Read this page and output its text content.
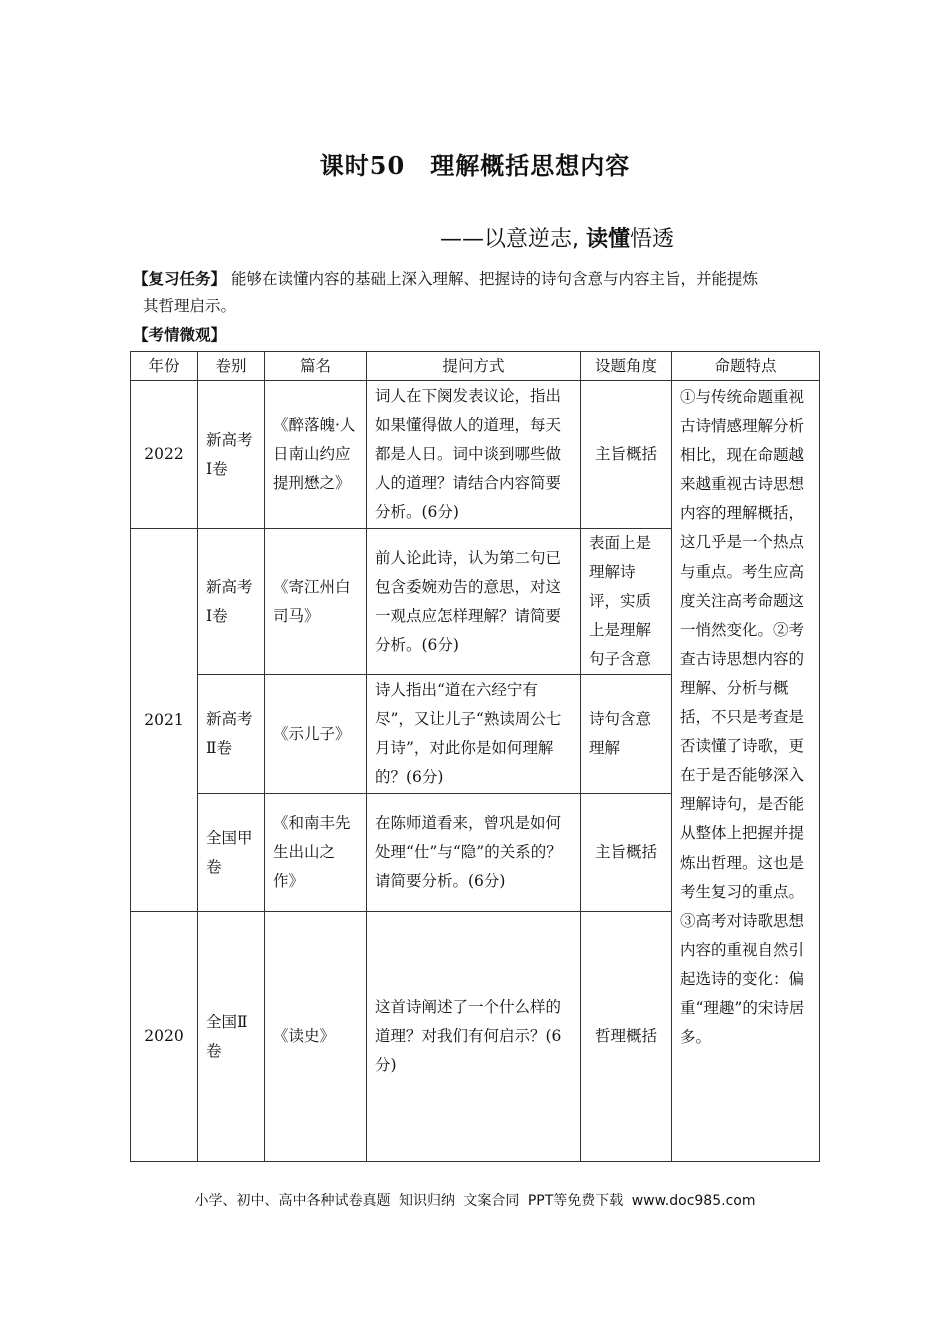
课时50　理解概括思想内容
——以意逆志, 读懂悟透
【复习任务】 能够在读懂内容的基础上深入理解、把握诗的诗句含意与内容主旨，并能提炼
其哲理启示。
【考情微观】
年份	卷别	篇名	提问方式	设题角度	命题特点
2022	新高考Ⅰ卷	《醉落魄·人日南山约应提刑懋之》	词人在下阕发表议论，指出如果懂得做人的道理，每天都是人日。词中谈到哪些做人的道理？请结合内容简要分析。(6分)	主旨概括	①与传统命题重视古诗情感理解分析相比，现在命题越来越重视古诗思想内容的理解概括，这几乎是一个热点与重点。考生应高度关注高考命题这一悄然变化。②考查古诗思想内容的理解、分析与概括，不只是考查是否读懂了诗歌，更在于是否能够深入理解诗句，是否能从整体上把握并提炼出哲理。这也是考生复习的重点。③高考对诗歌思想内容的重视自然引起选诗的变化：偏重“理趣”的宋诗居多。
2021	新高考Ⅰ卷	《寄江州白司马》	前人论此诗，认为第二句已包含委婉劝告的意思，对这一观点应怎样理解？请简要分析。(6分)	表面上是理解诗评，实质上是理解句子含意	
	新高考Ⅱ卷	《示儿子》	诗人指出“道在六经宁有尽”，又让儿子“熟读周公七月诗”，对此你是如何理解的？(6分)	诗句含意理解	
	全国甲卷	《和南丰先生出山之作》	在陈师道看来，曾巩是如何处理“仕”与“隐”的关系的？请简要分析。(6分)	主旨概括	
2020	全国Ⅱ卷	《读史》	这首诗阐述了一个什么样的道理？对我们有何启示？(6分)	哲理概括	
小学、初中、高中各种试卷真题 知识归纳 文案合同 PPT等免费下载 www.doc985.com
